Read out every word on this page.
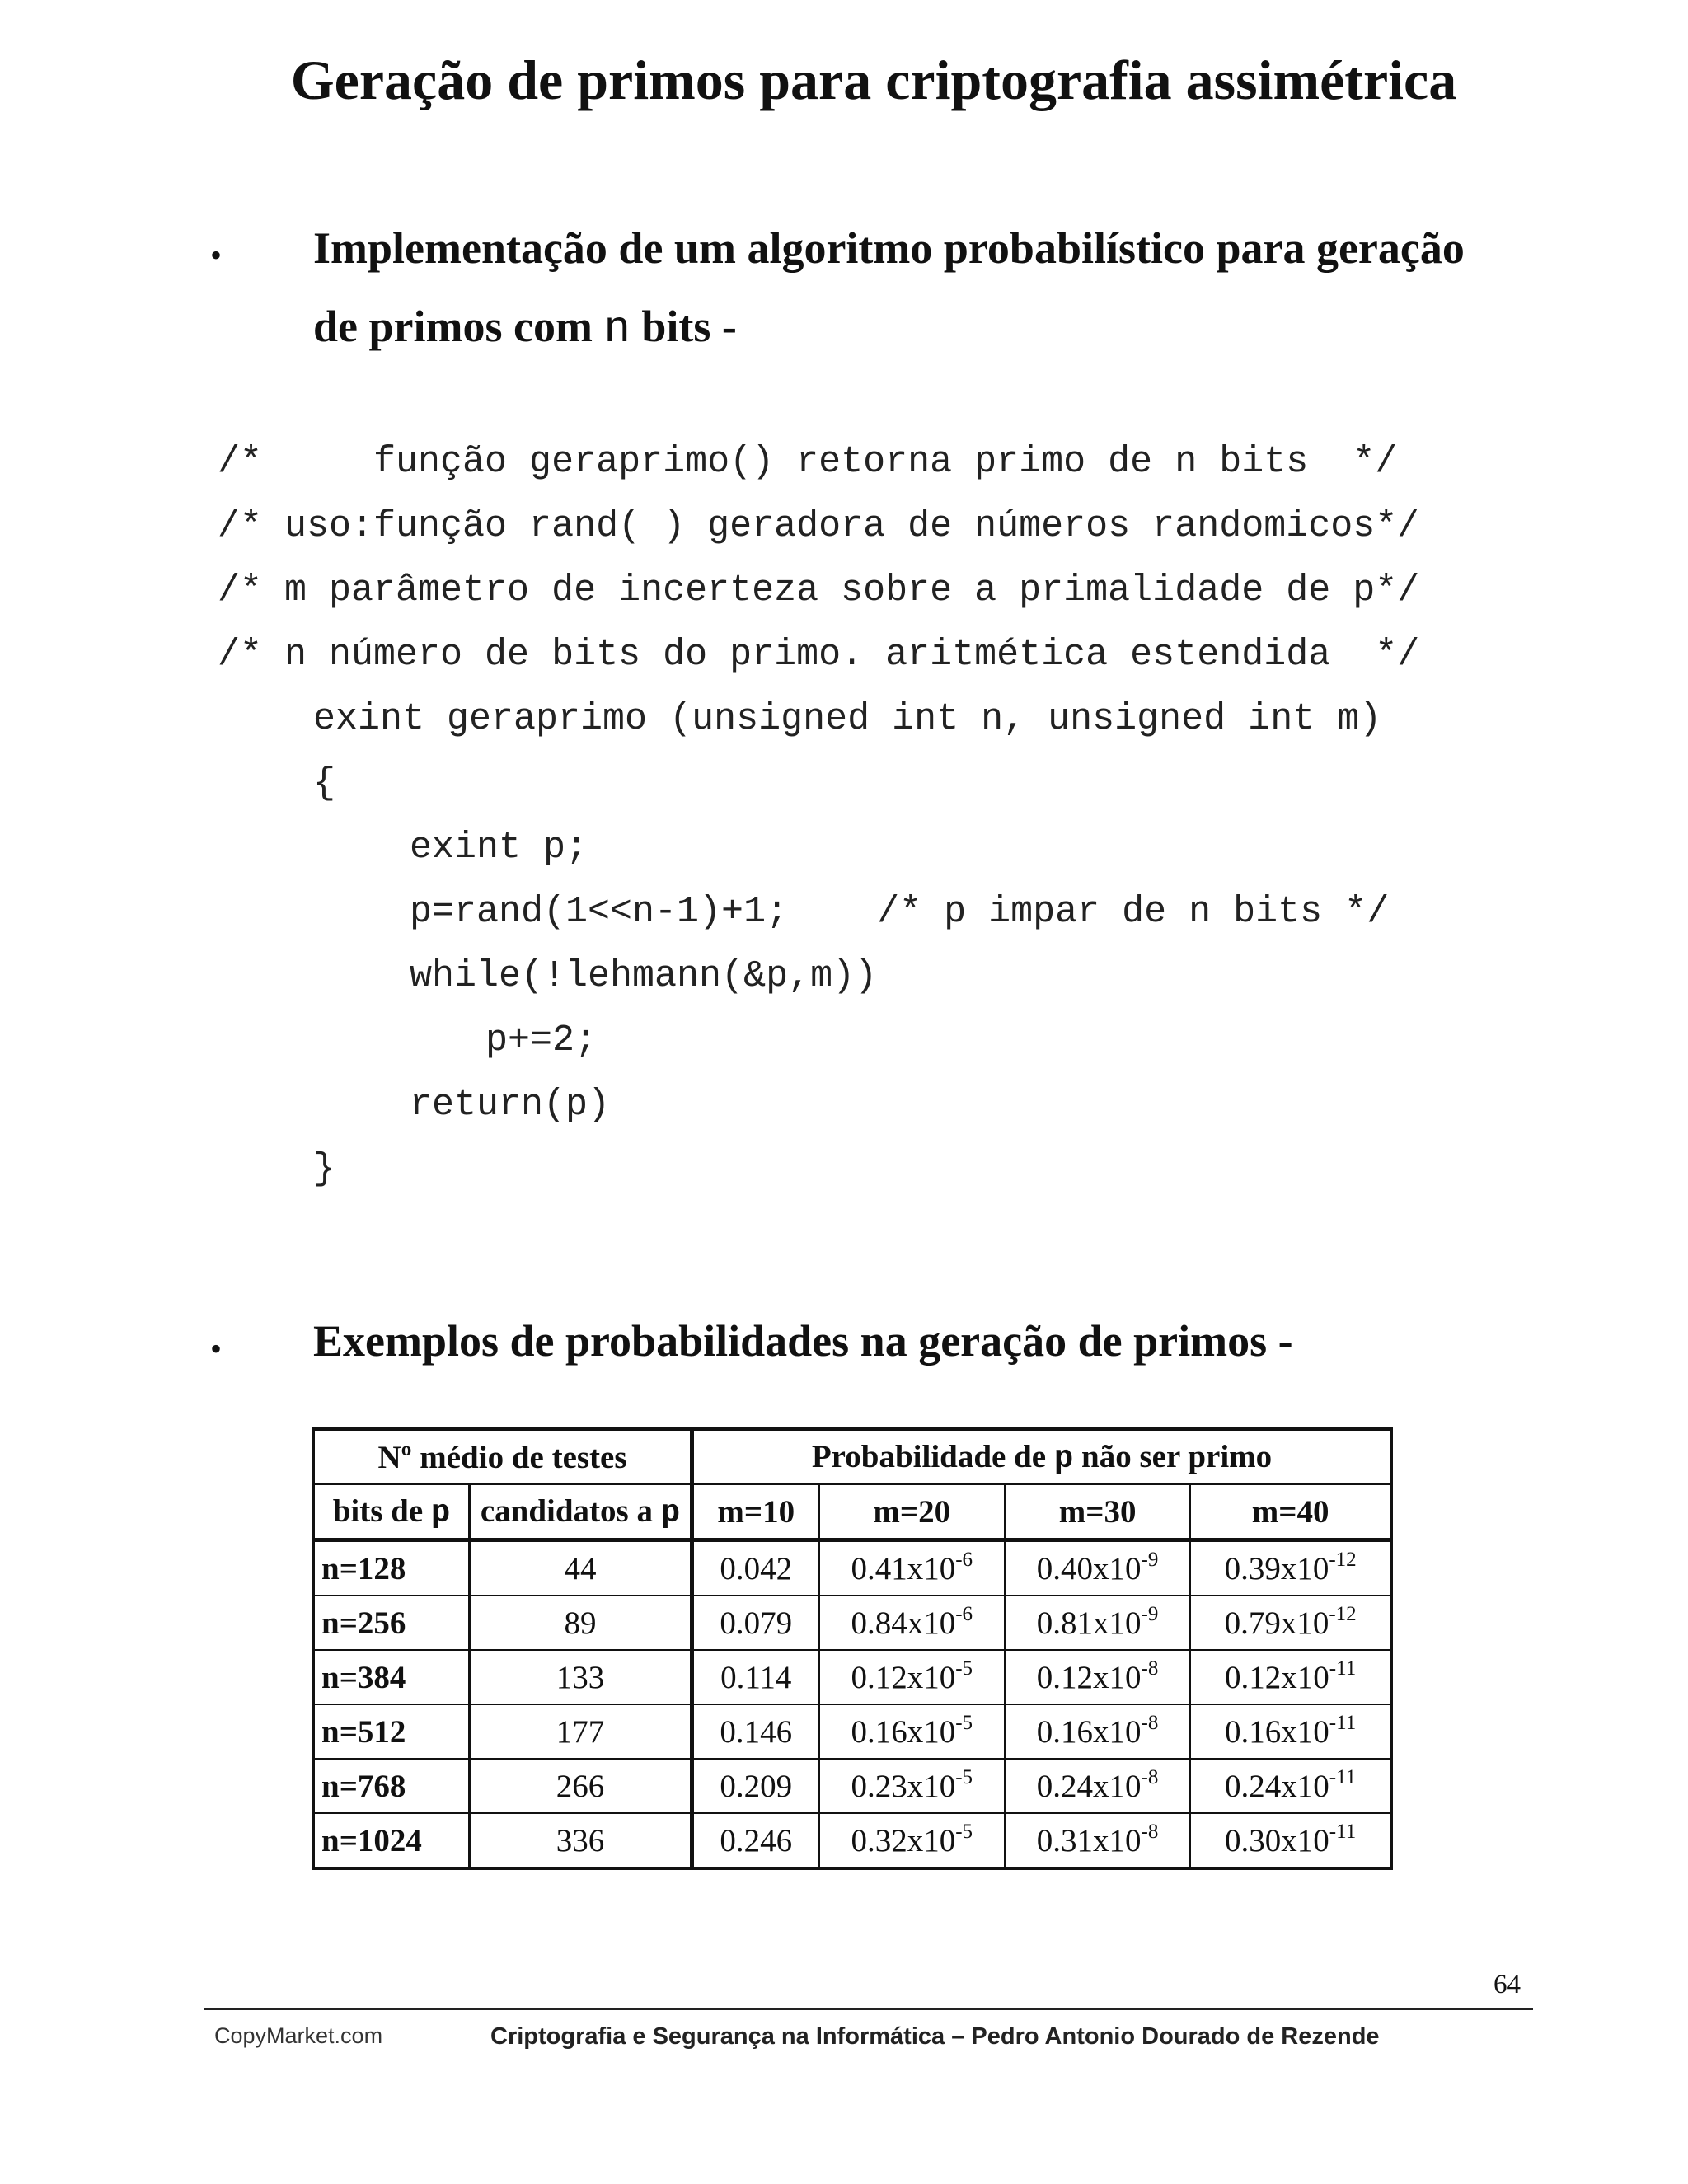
Geração de primos para criptografia assimétrica
• Implementação de um algoritmo probabilístico para geração de primos com n bits -

/*     função geraprimo() retorna primo de n bits  */
/* uso:função rand( ) geradora de números randomicos*/
/* m parâmetro de incerteza sobre a primalidade de p*/
/* n número de bits do primo. aritmética estendida  */
exint geraprimo (unsigned int n, unsigned int m)
{
exint p;
p=rand(1<<n-1)+1;    /* p impar de n bits */
while(!lehmann(&p,m))
p+=2;
return(p)
}
• Exemplos de probabilidades na geração de primos -

Nº médio de testes		Probabilidade de p não ser primo			
bits de p	candidatos a p	m=10	m=20	m=30	m=40
n=128	44	0.042	$0.41x10^{-6}$	$0.40x10^{-9}$	$0.39x10^{-12}$
n=256	89	0.079	$0.84x10^{-6}$	$0.81x10^{-9}$	$0.79x10^{-12}$
n=384	133	0.114	$0.12x10^{-5}$	$0.12x10^{-8}$	$0.12x10^{-11}$
n=512	177	0.146	$0.16x10^{-5}$	$0.16x10^{-8}$	$0.16x10^{-11}$
n=768	266	0.209	$0.23x10^{-5}$	$0.24x10^{-8}$	$0.24x10^{-11}$
n=1024	336	0.246	$0.32x10^{-5}$	$0.31x10^{-8}$	$0.30x10^{-11}$
64
CopyMarket.com	Criptografia e Segurança na Informática – Pedro Antonio Dourado de Rezende
